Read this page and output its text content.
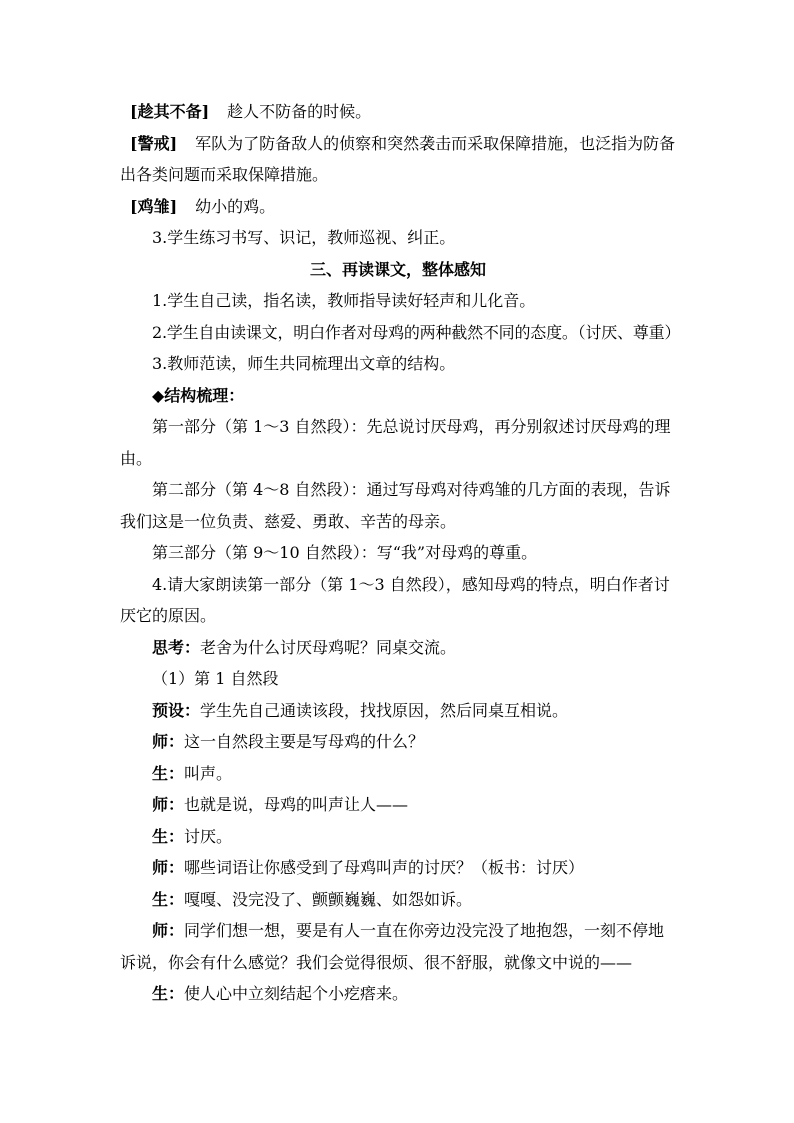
[趁其不备] 趁人不防备的时候。

[警戒] 军队为了防备敌人的侦察和突然袭击而采取保障措施，也泛指为防备出各类问题而采取保障措施。

[鸡雏] 幼小的鸡。

3.学生练习书写、识记，教师巡视、纠正。

三、再读课文，整体感知

1.学生自己读，指名读，教师指导读好轻声和儿化音。

2.学生自由读课文，明白作者对母鸡的两种截然不同的态度。（讨厌、尊重）

3.教师范读，师生共同梳理出文章的结构。

◆结构梳理：

第一部分（第 1～3 自然段）：先总说讨厌母鸡，再分别叙述讨厌母鸡的理由。

第二部分（第 4～8 自然段）：通过写母鸡对待鸡雏的几方面的表现，告诉我们这是一位负责、慈爱、勇敢、辛苦的母亲。

第三部分（第 9～10 自然段）：写“我”对母鸡的尊重。

4.请大家朗读第一部分（第 1～3 自然段），感知母鸡的特点，明白作者讨厌它的原因。

思考：老舍为什么讨厌母鸡呢？同桌交流。

（1）第 1 自然段

预设：学生先自己通读该段，找找原因，然后同桌互相说。

师：这一自然段主要是写母鸡的什么？

生：叫声。

师：也就是说，母鸡的叫声让人——

生：讨厌。

师：哪些词语让你感受到了母鸡叫声的讨厌？（板书：讨厌）

生：嘎嘎、没完没了、颤颤巍巍、如怨如诉。

师：同学们想一想，要是有人一直在你旁边没完没了地抱怨，一刻不停地诉说，你会有什么感觉？我们会觉得很烦、很不舒服，就像文中说的——

生：使人心中立刻结起个小疙瘩来。
